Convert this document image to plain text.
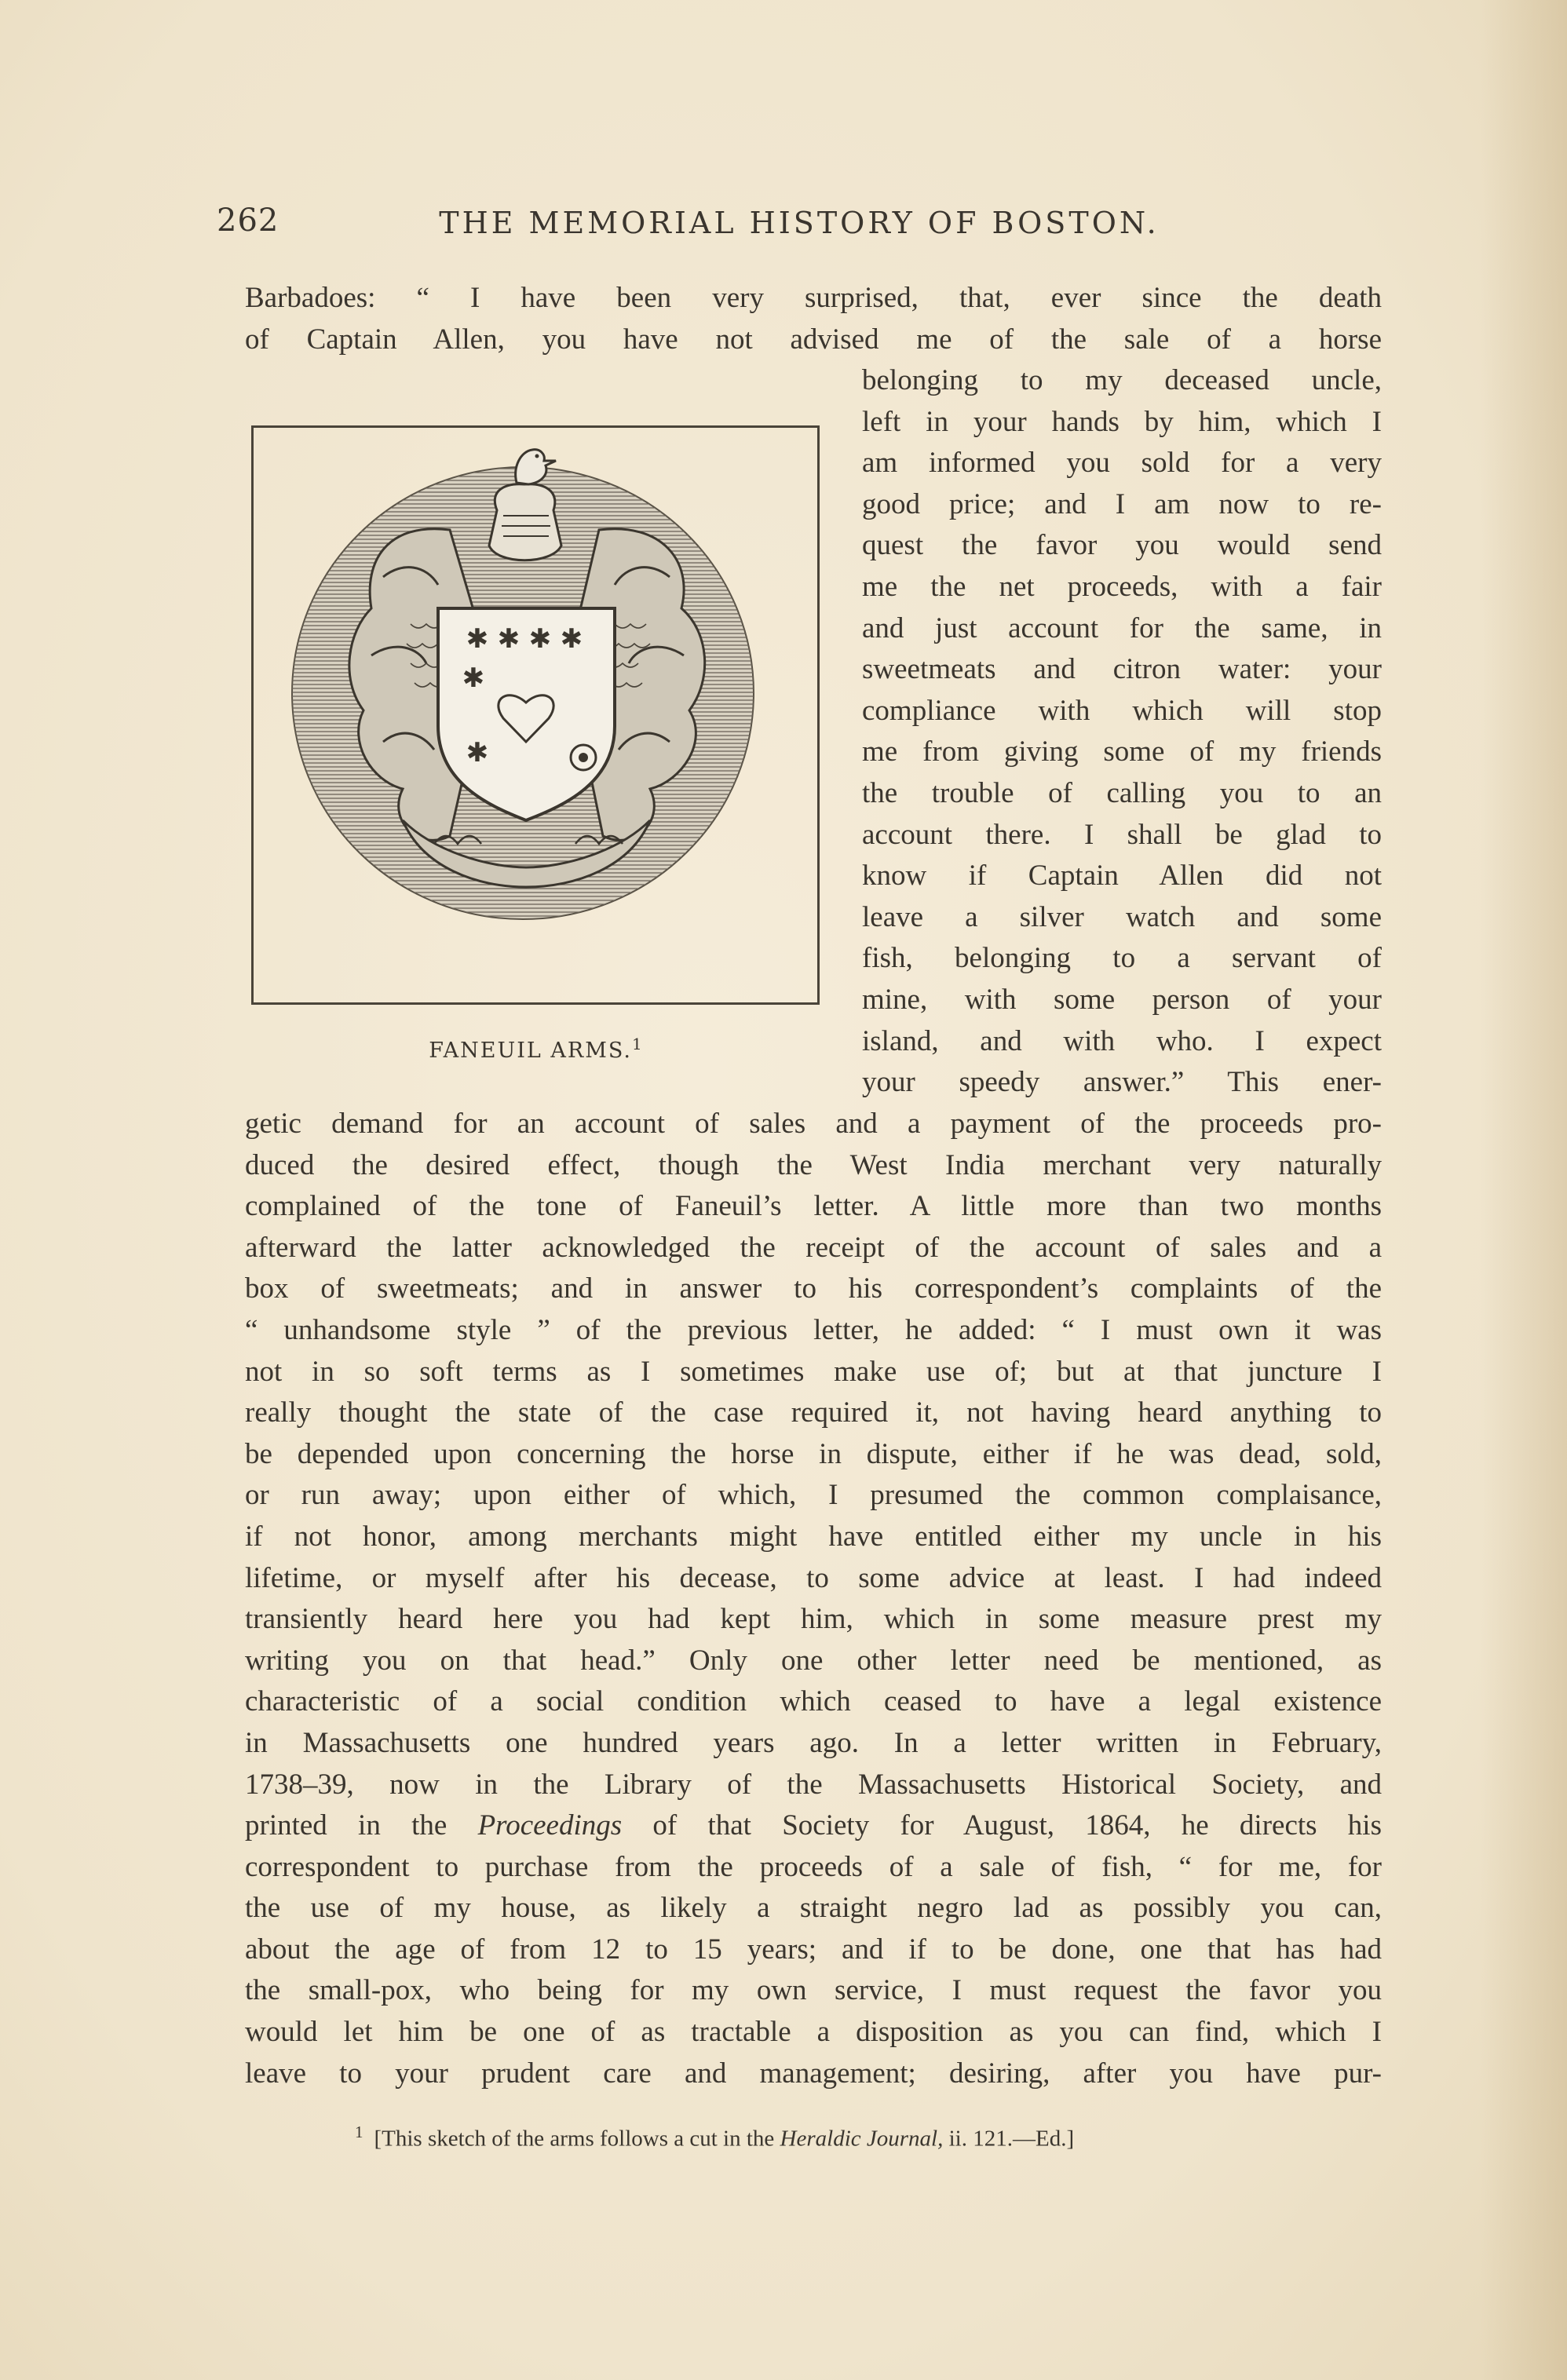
262	THE MEMORIAL HISTORY OF BOSTON.
Barbadoes: “ I have been very surprised, that, ever since the death
of Captain Allen, you have not advised me of the sale of a horse
✱ ✱ ✱ ✱
✱
✱
FANEUIL ARMS.$^1$
belonging to my deceased uncle,
left in your hands by him, which I
am informed you sold for a very
good price; and I am now to re-
quest the favor you would send
me the net proceeds, with a fair
and just account for the same, in
sweetmeats and citron water: your
compliance with which will stop
me from giving some of my friends
the trouble of calling you to an
account there. I shall be glad to
know if Captain Allen did not
leave a silver watch and some
fish, belonging to a servant of
mine, with some person of your
island, and with who. I expect
your speedy answer.” This ener-
getic demand for an account of sales and a payment of the proceeds pro-
duced the desired effect, though the West India merchant very naturally
complained of the tone of Faneuil’s letter. A little more than two months
afterward the latter acknowledged the receipt of the account of sales and a
box of sweetmeats; and in answer to his correspondent’s complaints of the
“ unhandsome style ” of the previous letter, he added: “ I must own it was
not in so soft terms as I sometimes make use of; but at that juncture I
really thought the state of the case required it, not having heard anything to
be depended upon concerning the horse in dispute, either if he was dead, sold,
or run away; upon either of which, I presumed the common complaisance,
if not honor, among merchants might have entitled either my uncle in his
lifetime, or myself after his decease, to some advice at least. I had indeed
transiently heard here you had kept him, which in some measure prest my
writing you on that head.” Only one other letter need be mentioned, as
characteristic of a social condition which ceased to have a legal existence
in Massachusetts one hundred years ago. In a letter written in February,
1738–39, now in the Library of the Massachusetts Historical Society, and
printed in the Proceedings of that Society for August, 1864, he directs his
correspondent to purchase from the proceeds of a sale of fish, “ for me, for
the use of my house, as likely a straight negro lad as possibly you can,
about the age of from 12 to 15 years; and if to be done, one that has had
the small-pox, who being for my own service, I must request the favor you
would let him be one of as tractable a disposition as you can find, which I
leave to your prudent care and management; desiring, after you have pur-
$^1$ [This sketch of the arms follows a cut in the Heraldic Journal, ii. 121.—Ed.]
